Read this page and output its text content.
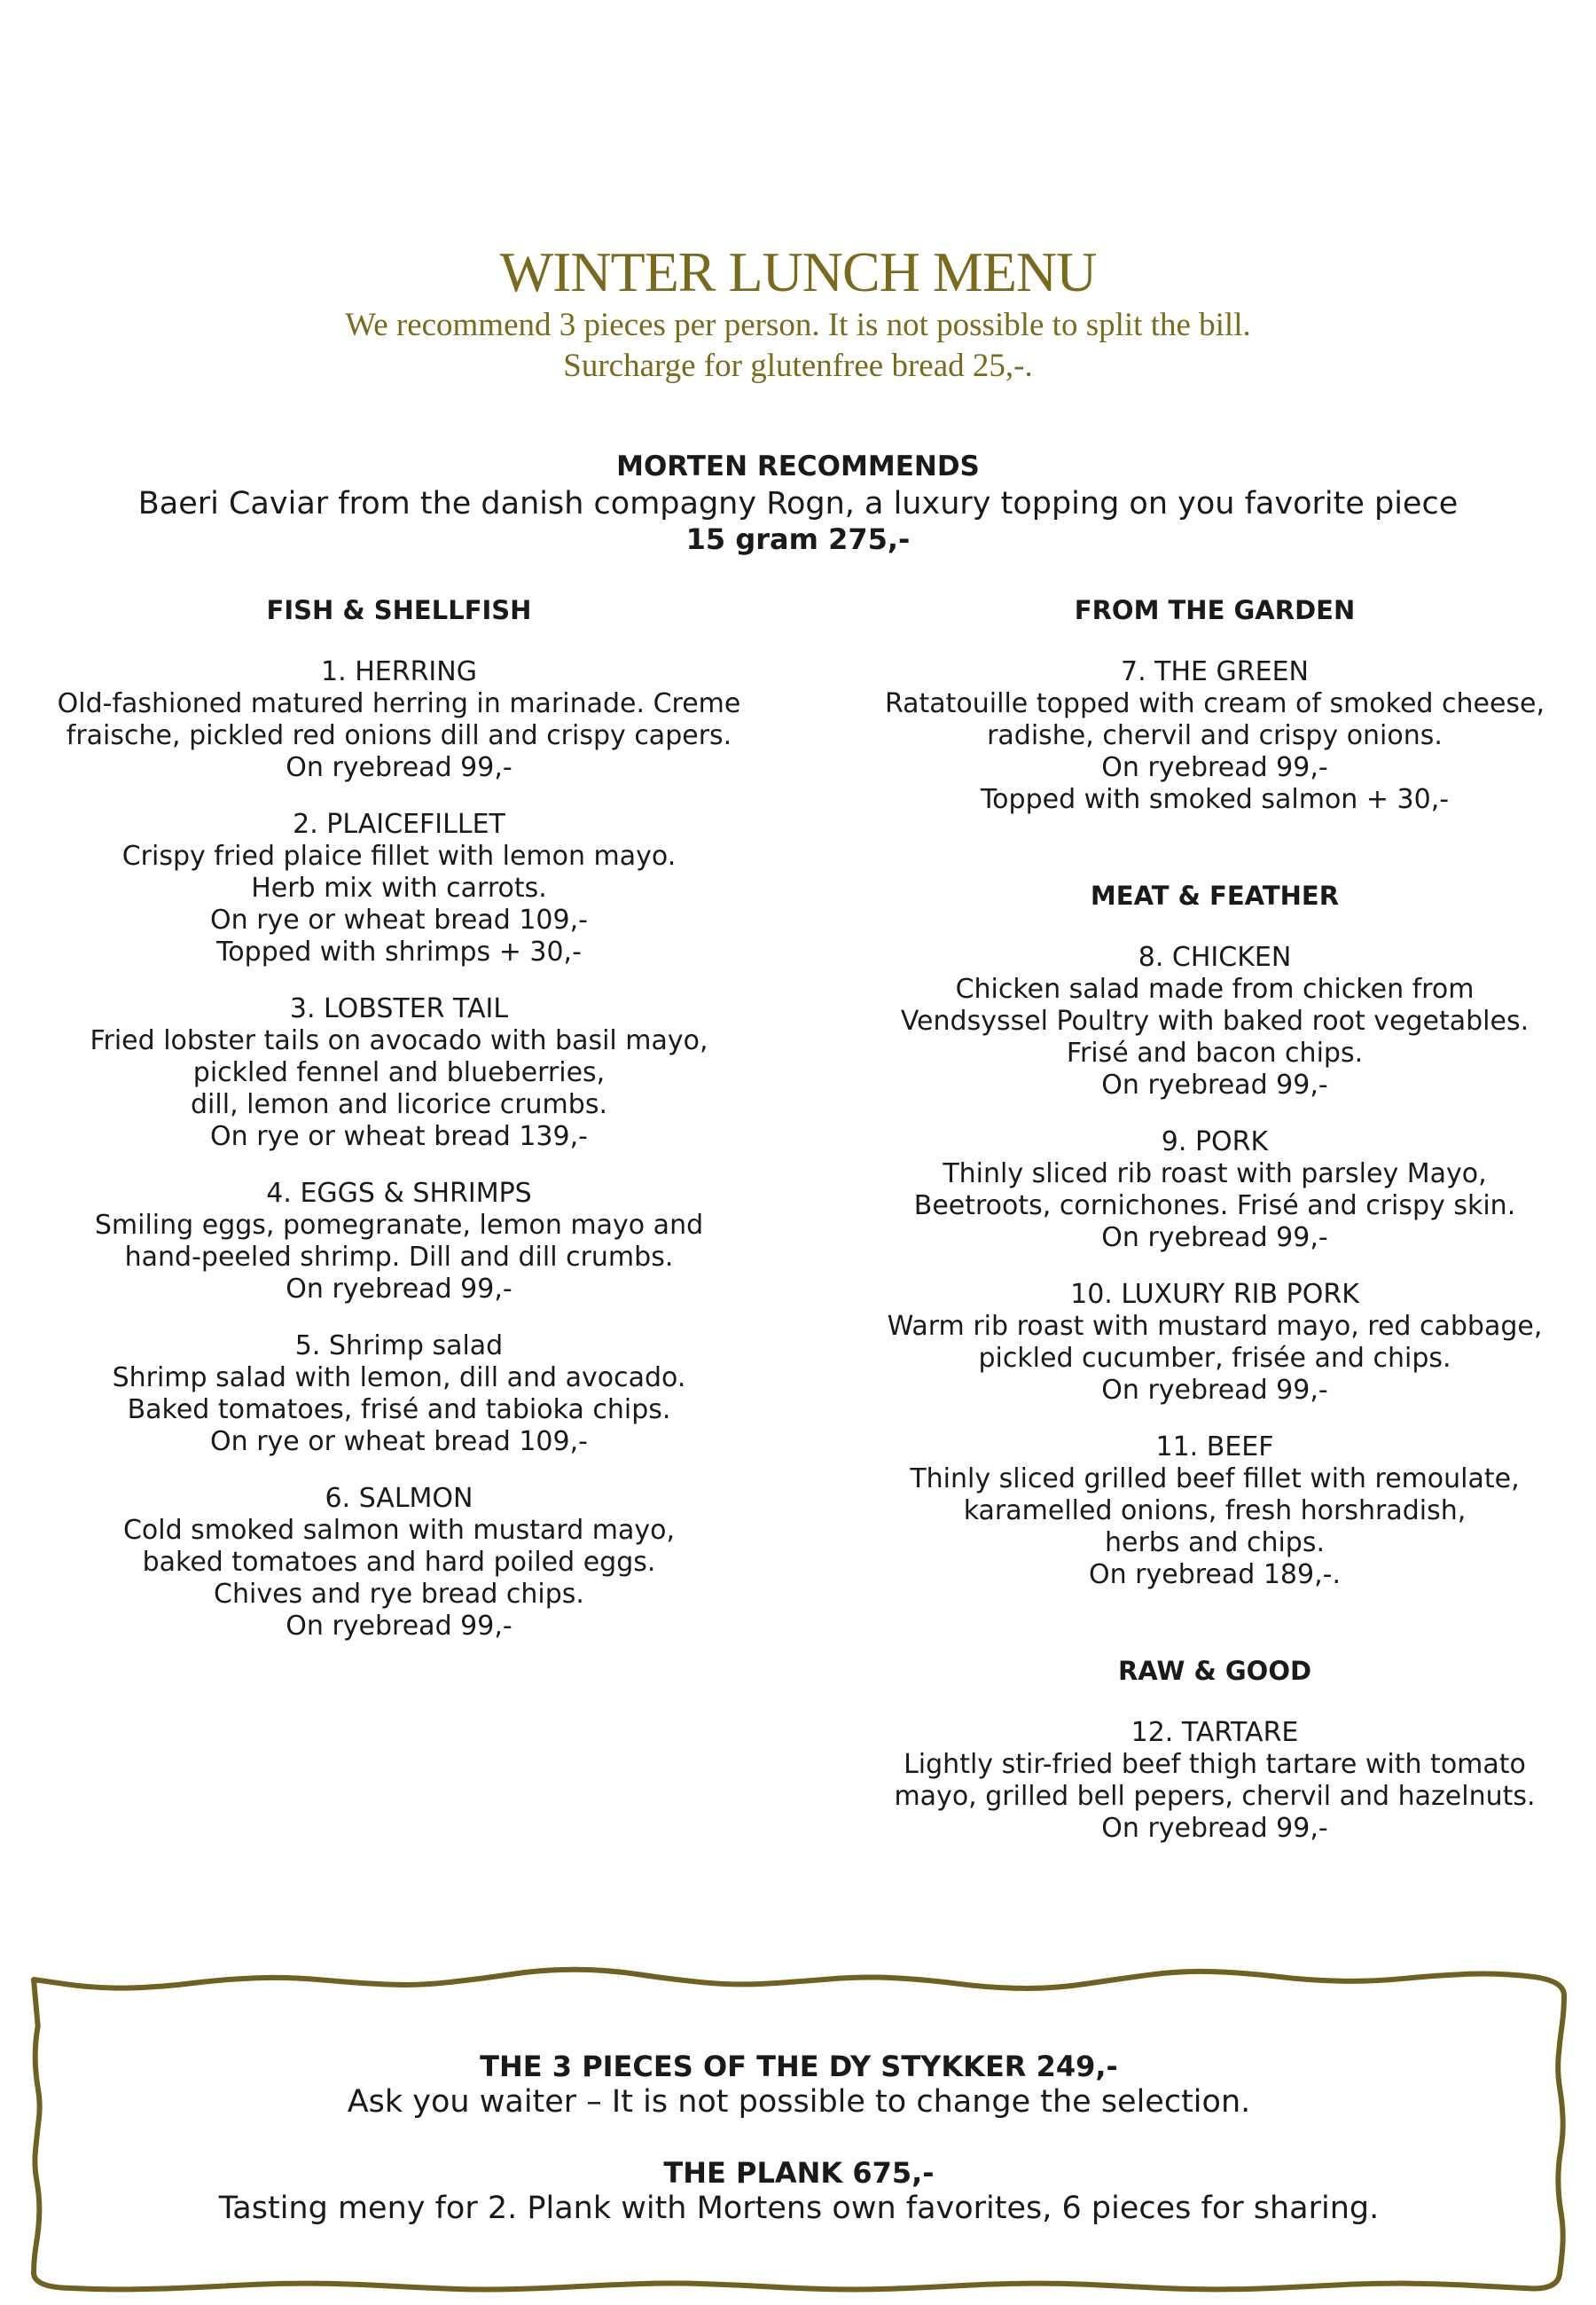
WINTER LUNCH MENU
We recommend 3 pieces per person. It is not possible to split the bill.
Surcharge for glutenfree bread 25,-.
MORTEN RECOMMENDS
Baeri Caviar from the danish compagny Rogn, a luxury topping on you favorite piece
15 gram 275,-
FISH & SHELLFISH
1. HERRING
Old-fashioned matured herring in marinade. Creme
fraische, pickled red onions dill and crispy capers.
On ryebread 99,-
2. PLAICEFILLET
Crispy fried plaice fillet with lemon mayo.
Herb mix with carrots.
On rye or wheat bread 109,-
Topped with shrimps + 30,-
3. LOBSTER TAIL
Fried lobster tails on avocado with basil mayo,
pickled fennel and blueberries,
dill, lemon and licorice crumbs.
On rye or wheat bread 139,-
4. EGGS & SHRIMPS
Smiling eggs, pomegranate, lemon mayo and
hand-peeled shrimp. Dill and dill crumbs.
On ryebread 99,-
5. Shrimp salad
Shrimp salad with lemon, dill and avocado.
Baked tomatoes, frisé and tabioka chips.
On rye or wheat bread 109,-
6. SALMON
Cold smoked salmon with mustard mayo,
baked tomatoes and hard poiled eggs.
Chives and rye bread chips.
On ryebread 99,-
FROM THE GARDEN
7. THE GREEN
Ratatouille topped with cream of smoked cheese,
radishe, chervil and crispy onions.
On ryebread 99,-
Topped with smoked salmon + 30,-
MEAT & FEATHER
8. CHICKEN
Chicken salad made from chicken from
Vendsyssel Poultry with baked root vegetables.
Frisé and bacon chips.
On ryebread 99,-
9. PORK
Thinly sliced rib roast with parsley Mayo,
Beetroots, cornichones. Frisé and crispy skin.
On ryebread 99,-
10. LUXURY RIB PORK
Warm rib roast with mustard mayo, red cabbage,
pickled cucumber, frisée and chips.
On ryebread 99,-
11. BEEF
Thinly sliced grilled beef fillet with remoulate,
karamelled onions, fresh horshradish,
herbs and chips.
On ryebread 189,-.
RAW & GOOD
12. TARTARE
Lightly stir-fried beef thigh tartare with tomato
mayo, grilled bell pepers, chervil and hazelnuts.
On ryebread 99,-
THE 3 PIECES OF THE DY STYKKER 249,-
Ask you waiter – It is not possible to change the selection.
THE PLANK 675,-
Tasting meny for 2. Plank with Mortens own favorites, 6 pieces for sharing.
